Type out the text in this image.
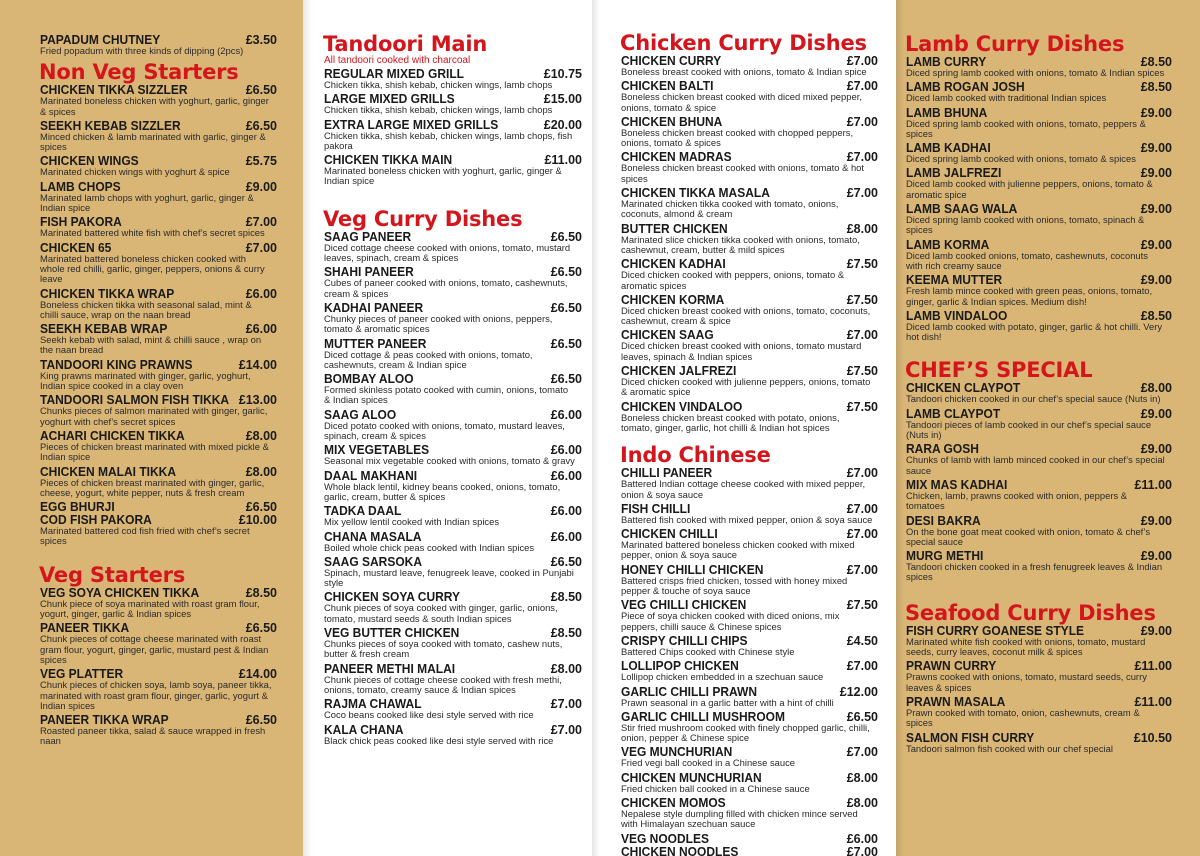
PAPADUM CHUTNEY	£3.50
Fried popadum with three kinds of dipping (2pcs)
Non Veg Starters
CHICKEN TIKKA SIZZLER	£6.50
Marinated boneless chicken with yoghurt, garlic, ginger & spices
SEEKH KEBAB SIZZLER	£6.50
Minced chicken & lamb marinated with garlic, ginger & spices
CHICKEN WINGS	£5.75
Marinated chicken wings with yoghurt & spice
LAMB CHOPS	£9.00
Marinated lamb chops with yoghurt, garlic, ginger & Indian spice
FISH PAKORA	£7.00
Marinated battered white fish with chef’s secret spices
CHICKEN 65	£7.00
Marinated battered boneless chicken cooked with whole red chilli, garlic, ginger, peppers, onions & curry leave
CHICKEN TIKKA WRAP	£6.00
Boneless chicken tikka with seasonal salad, mint & chilli sauce, wrap on the naan bread
SEEKH KEBAB WRAP	£6.00
Seekh kebab with salad, mint & chilli sauce , wrap on the naan bread
TANDOORI KING PRAWNS	£14.00
King prawns marinated with ginger, garlic, yoghurt, Indian spice cooked in a clay oven
TANDOORI SALMON FISH TIKKA £13.00
Chunks pieces of salmon marinated with ginger, garlic, yoghurt with chef’s secret spices
ACHARI CHICKEN TIKKA	£8.00
Pieces of chicken breast marinated with mixed pickle & Indian spice
CHICKEN MALAI TIKKA	£8.00
Pieces of chicken breast marinated with ginger, garlic, cheese, yogurt, white pepper, nuts & fresh cream
EGG BHURJI	£6.50
COD FISH PAKORA	£10.00
Marinated battered cod fish fried with chef’s secret spices
Veg Starters
VEG SOYA CHICKEN TIKKA	£8.50
Chunk piece of soya marinated with roast gram flour, yogurt, ginger, garlic & Indian spices
PANEER TIKKA	£6.50
Chunk pieces of cottage cheese marinated with roast gram flour, yogurt, ginger, garlic, mustard pest & Indian spices
VEG PLATTER	£14.00
Chunk pieces of chicken soya, lamb soya, paneer tikka, marinated with roast gram flour, ginger, garlic, yogurt & Indian spices
PANEER TIKKA WRAP	£6.50
Roasted paneer tikka, salad & sauce wrapped in fresh naan
Tandoori Main
All tandoori cooked with charcoal
REGULAR MIXED GRILL	£10.75
Chicken tikka, shish kebab, chicken wings, lamb chops
LARGE MIXED GRILLS	£15.00
Chicken tikka, shish kebab, chicken wings, lamb chops
EXTRA LARGE MIXED GRILLS	£20.00
Chicken tikka, shish kebab, chicken wings, lamb chops, fish pakora
CHICKEN TIKKA MAIN	£11.00
Marinated boneless chicken with yoghurt, garlic, ginger & Indian spice
Veg Curry Dishes
SAAG PANEER	£6.50
Diced cottage cheese cooked with onions, tomato, mustard leaves, spinach, cream & spices
SHAHI PANEER	£6.50
Cubes of paneer cooked with onions, tomato, cashewnuts, cream & spices
KADHAI PANEER	£6.50
Chunky pieces of paneer cooked with onions, peppers, tomato & aromatic spices
MUTTER PANEER	£6.50
Diced cottage & peas cooked with onions, tomato, cashewnuts, cream & Indian spice
BOMBAY ALOO	£6.50
Formed skinless potato cooked with cumin, onions, tomato & Indian spices
SAAG ALOO	£6.00
Diced potato cooked with onions, tomato, mustard leaves, spinach, cream & spices
MIX VEGETABLES	£6.00
Seasonal mix vegetable cooked with onions, tomato & gravy
DAAL MAKHANI	£6.00
Whole black lentil, kidney beans cooked, onions, tomato, garlic, cream, butter & spices
TADKA DAAL	£6.00
Mix yellow lentil cooked with Indian spices
CHANA MASALA	£6.00
Boiled whole chick peas cooked with Indian spices
SAAG SARSOKA	£6.50
Spinach, mustard leave, fenugreek leave, cooked in Punjabi style
CHICKEN SOYA CURRY	£8.50
Chunk pieces of soya cooked with ginger, garlic, onions, tomato, mustard seeds & south Indian spices
VEG BUTTER CHICKEN	£8.50
Chunks pieces of soya cooked with tomato, cashew nuts, butter & fresh cream
PANEER METHI MALAI	£8.00
Chunk pieces of cottage cheese cooked with fresh methi, onions, tomato, creamy sauce & Indian spices
RAJMA CHAWAL	£7.00
Coco beans cooked like desi style served with rice
KALA CHANA	£7.00
Black chick peas cooked like desi style served with rice
Chicken Curry Dishes
CHICKEN CURRY	£7.00
Boneless breast cooked with onions, tomato & Indian spice
CHICKEN BALTI	£7.00
Boneless chicken breast cooked with diced mixed pepper, onions, tomato & spice
CHICKEN BHUNA	£7.00
Boneless chicken breast cooked with chopped peppers, onions, tomato & spices
CHICKEN MADRAS	£7.00
Boneless chicken breast cooked with onions, tomato & hot spices
CHICKEN TIKKA MASALA	£7.00
Marinated chicken tikka cooked with tomato, onions, coconuts, almond & cream
BUTTER CHICKEN	£8.00
Marinated slice chicken tikka cooked with onions, tomato, cashewnut, cream, butter & mild spices
CHICKEN KADHAI	£7.50
Diced chicken cooked with peppers, onions, tomato & aromatic spices
CHICKEN KORMA	£7.50
Diced chicken breast cooked with onions, tomato, coconuts, cashewnut, cream & spice
CHICKEN SAAG	£7.00
Diced chicken breast cooked with onions, tomato mustard leaves, spinach & Indian spices
CHICKEN JALFREZI	£7.50
Diced chicken cooked with julienne peppers, onions, tomato & aromatic spice
CHICKEN VINDALOO	£7.50
Boneless chicken breast cooked with potato, onions, tomato, ginger, garlic, hot chilli & Indian hot spices
Indo Chinese
CHILLI PANEER	£7.00
Battered Indian cottage cheese cooked with mixed pepper, onion & soya sauce
FISH CHILLI	£7.00
Battered fish cooked with mixed pepper, onion & soya sauce
CHICKEN CHILLI	£7.00
Marinated battered boneless chicken cooked with mixed pepper, onion & soya sauce
HONEY CHILLI CHICKEN	£7.00
Battered crisps fried chicken, tossed with honey mixed pepper & touche of soya sauce
VEG CHILLI CHICKEN	£7.50
Piece of soya chicken cooked with diced onions, mix peppers, chilli sauce & Chinese spices
CRISPY CHILLI CHIPS	£4.50
Battered Chips cooked with Chinese style
LOLLIPOP CHICKEN	£7.00
Lollipop chicken embedded in a szechuan sauce
GARLIC CHILLI PRAWN	£12.00
Prawn seasonal in a garlic batter with a hint of chilli
GARLIC CHILLI MUSHROOM	£6.50
Stir fried mushroom cooked with finely chopped garlic, chilli, onion, pepper & Chinese spice
VEG MUNCHURIAN	£7.00
Fried vegi ball cooked in a Chinese sauce
CHICKEN MUNCHURIAN	£8.00
Fried chicken ball cooked in a Chinese sauce
CHICKEN MOMOS	£8.00
Nepalese style dumpling filled with chicken mince served with Himalayan szechuan sauce
VEG NOODLES	£6.00
CHICKEN NOODLES	£7.00
Lamb Curry Dishes
LAMB CURRY	£8.50
Diced spring lamb cooked with onions, tomato & Indian spices
LAMB ROGAN JOSH	£8.50
Diced lamb cooked with traditional Indian spices
LAMB BHUNA	£9.00
Diced spring lamb cooked with onions, tomato, peppers & spices
LAMB KADHAI	£9.00
Diced spring lamb cooked with onions, tomato & spices
LAMB JALFREZI	£9.00
Diced lamb cooked with julienne peppers, onions, tomato & aromatic spice
LAMB SAAG WALA	£9.00
Diced spring lamb cooked with onions, tomato, spinach & spices
LAMB KORMA	£9.00
Diced lamb cooked onions, tomato, cashewnuts, coconuts with rich creamy sauce
KEEMA MUTTER	£9.00
Fresh lamb mince cooked with green peas, onions, tomato, ginger, garlic & Indian spices. Medium dish!
LAMB VINDALOO	£8.50
Diced lamb cooked with potato, ginger, garlic & hot chilli. Very hot dish!
CHEF’S SPECIAL
CHICKEN CLAYPOT	£8.00
Tandoori chicken cooked in our chef’s special sauce (Nuts in)
LAMB CLAYPOT	£9.00
Tandoori pieces of lamb cooked in our chef’s special sauce (Nuts in)
RARA GOSH	£9.00
Chunks of lamb with lamb minced cooked in our chef’s special sauce
MIX MAS KADHAI	£11.00
Chicken, lamb, prawns cooked with onion, peppers & tomatoes
DESI BAKRA	£9.00
On the bone goat meat cooked with onion, tomato & chef’s special sauce
MURG METHI	£9.00
Tandoori chicken cooked in a fresh fenugreek leaves & Indian spices
Seafood Curry Dishes
FISH CURRY GOANESE STYLE	£9.00
Marinated white fish cooked with onions, tomato, mustard seeds, curry leaves, coconut milk & spices
PRAWN CURRY	£11.00
Prawns cooked with onions, tomato, mustard seeds, curry leaves & spices
PRAWN MASALA	£11.00
Prawn cooked with tomato, onion, cashewnuts, cream & spices
SALMON FISH CURRY	£10.50
Tandoori salmon fish cooked with our chef special
